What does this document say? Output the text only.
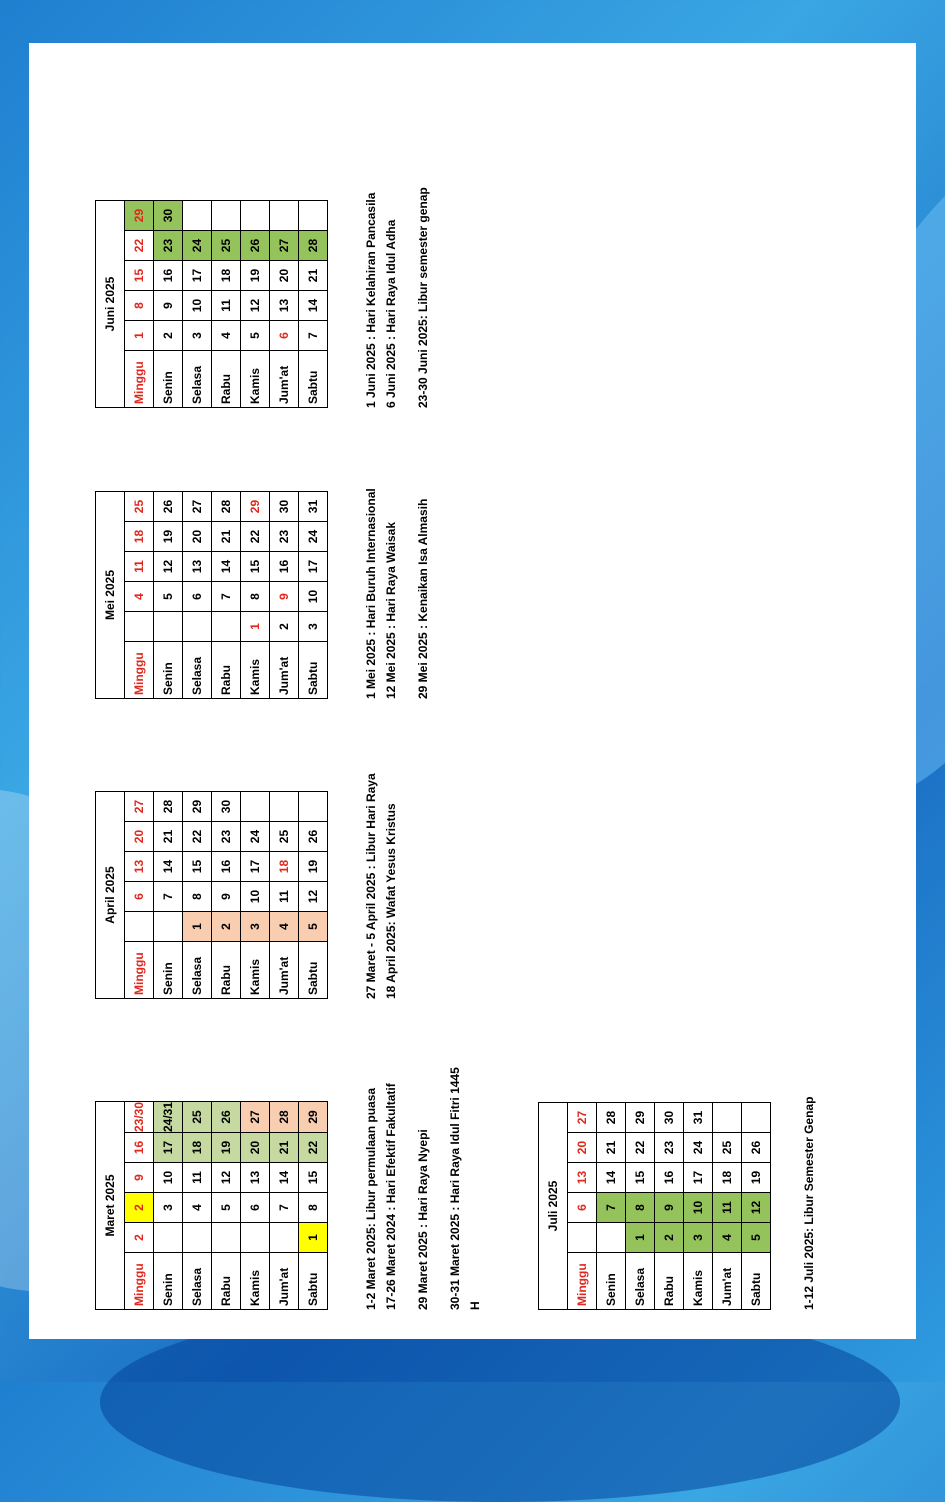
Maret 2025					
Minggu	2	2	9	16	23/30
Senin		3	10	17	24/31
Selasa		4	11	18	25
Rabu		5	12	19	26
Kamis		6	13	20	27
Jum'at		7	14	21	28
Sabtu	1	8	15	22	29
April 2025					
Minggu		6	13	20	27
Senin		7	14	21	28
Selasa	1	8	15	22	29
Rabu	2	9	16	23	30
Kamis	3	10	17	24	
Jum'at	4	11	18	25	
Sabtu	5	12	19	26	
Mei 2025					
Minggu		4	11	18	25
Senin		5	12	19	26
Selasa		6	13	20	27
Rabu		7	14	21	28
Kamis	1	8	15	22	29
Jum'at	2	9	16	23	30
Sabtu	3	10	17	24	31
Juni 2025					
Minggu	1	8	15	22	29
Senin	2	9	16	23	30
Selasa	3	10	17	24	
Rabu	4	11	18	25	
Kamis	5	12	19	26	
Jum'at	6	13	20	27	
Sabtu	7	14	21	28	
Juli 2025					
Minggu		6	13	20	27
Senin		7	14	21	28
Selasa	1	8	15	22	29
Rabu	2	9	16	23	30
Kamis	3	10	17	24	31
Jum'at	4	11	18	25	
Sabtu	5	12	19	26	
1-2 Maret 2025: Libur permulaan puasa 17-26 Maret 2024 : Hari Efektif Fakultatif 29 Maret 2025 : Hari Raya Nyepi 30-31 Maret 2025 : Hari Raya Idul Fitri 1445 H
27 Maret - 5 April 2025 : Libur Hari Raya 18 April 2025: Wafat Yesus Kristus
1 Mei 2025 : Hari Buruh Internasional 12 Mei 2025 : Hari Raya Waisak 29 Mei 2025 : Kenaikan Isa Almasih
1 Juni 2025 : Hari Kelahiran Pancasila 6 Juni 2025 : Hari Raya Idul Adha 23-30 Juni 2025: Libur semester genap
1-12 Juli 2025: Libur Semester Genap
